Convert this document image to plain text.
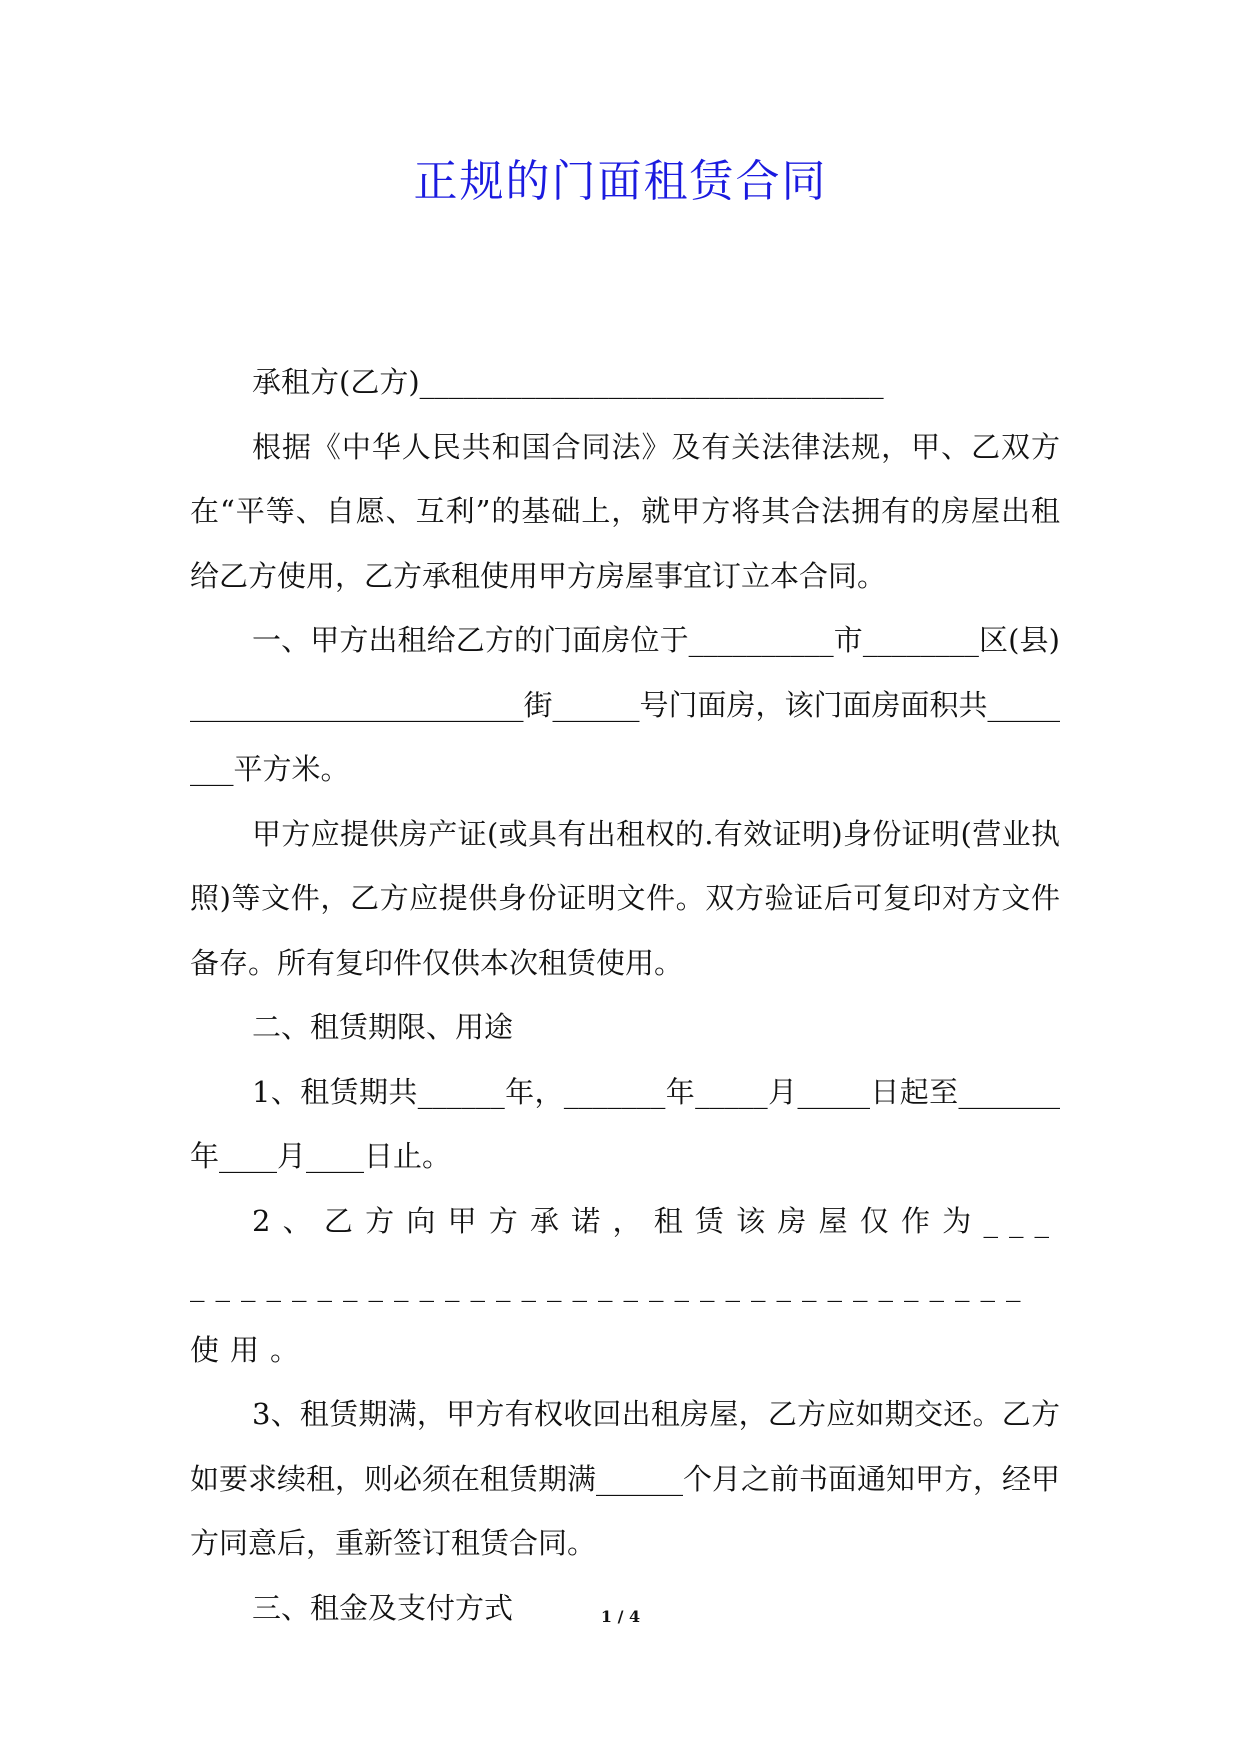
正规的门面租赁合同

承租方(乙方)________________________________

根据《中华人民共和国合同法》及有关法律法规，甲、乙双方在“平等、自愿、互利”的基础上，就甲方将其合法拥有的房屋出租给乙方使用，乙方承租使用甲方房屋事宜订立本合同。

一、甲方出租给乙方的门面房位于__________市________区(县)_______________________街______号门面房，该门面房面积共________平方米。

甲方应提供房产证(或具有出租权的.有效证明)身份证明(营业执照)等文件，乙方应提供身份证明文件。双方验证后可复印对方文件备存。所有复印件仅供本次租赁使用。

二、租赁期限、用途

1、租赁期共______年，_______年_____月_____日起至_______年____月____日止。

2、乙方向甲方承诺，租赁该房屋仅作为____________________________________使用。

3、租赁期满，甲方有权收回出租房屋，乙方应如期交还。乙方如要求续租，则必须在租赁期满______个月之前书面通知甲方，经甲方同意后，重新签订租赁合同。

三、租金及支付方式	1 / 4
